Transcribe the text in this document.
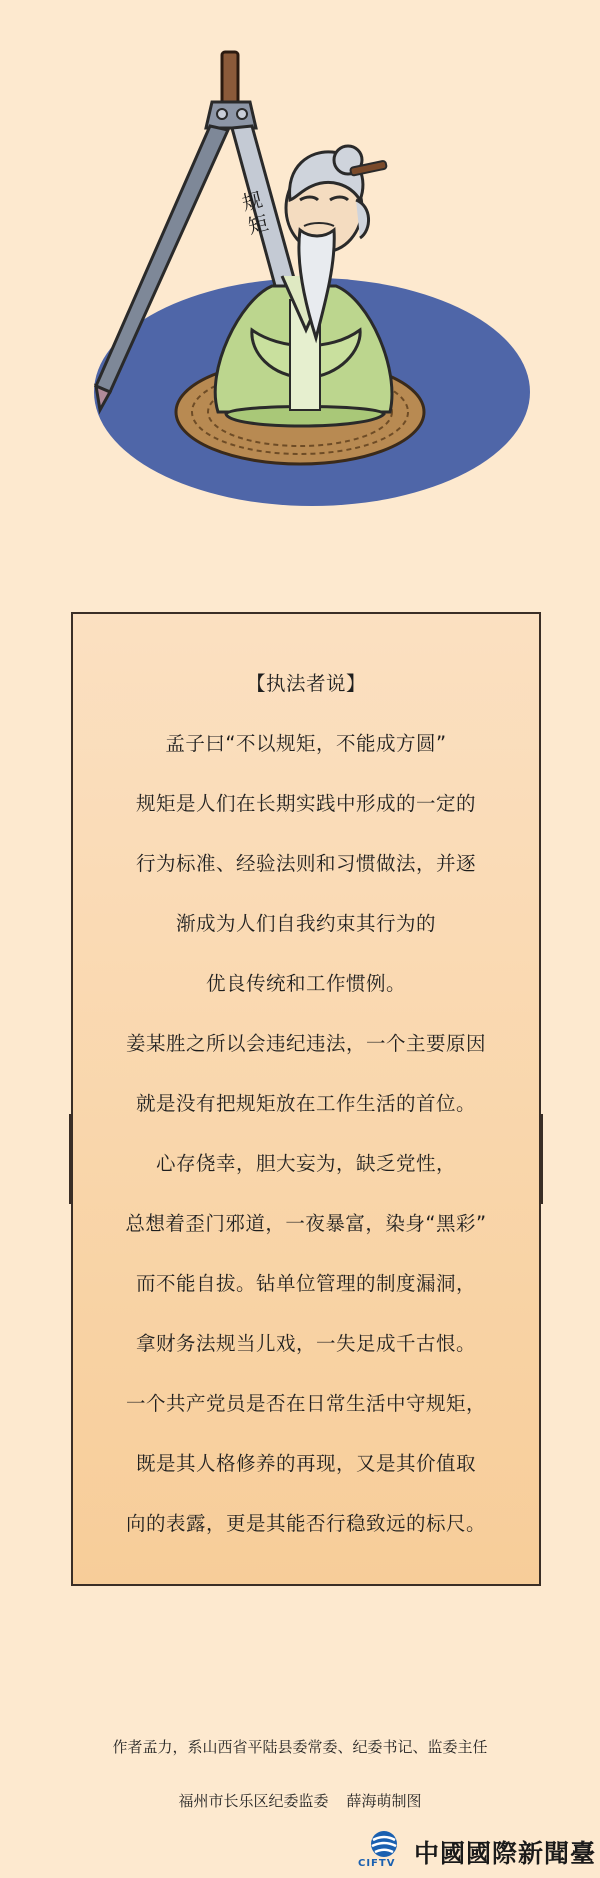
规
矩
【执法者说】
孟子曰“不以规矩，不能成方圆”
规矩是人们在长期实践中形成的一定的
行为标准、经验法则和习惯做法，并逐
渐成为人们自我约束其行为的
优良传统和工作惯例。
姜某胜之所以会违纪违法，一个主要原因
就是没有把规矩放在工作生活的首位。
心存侥幸，胆大妄为，缺乏党性，
总想着歪门邪道，一夜暴富，染身“黑彩”
而不能自拔。钻单位管理的制度漏洞，
拿财务法规当儿戏，一失足成千古恨。
一个共产党员是否在日常生活中守规矩，
既是其人格修养的再现，又是其价值取
向的表露，更是其能否行稳致远的标尺。
作者孟力，系山西省平陆县委常委、纪委书记、监委主任
福州市长乐区纪委监委 薛海萌制图
CIFTV 中國國際新聞臺
